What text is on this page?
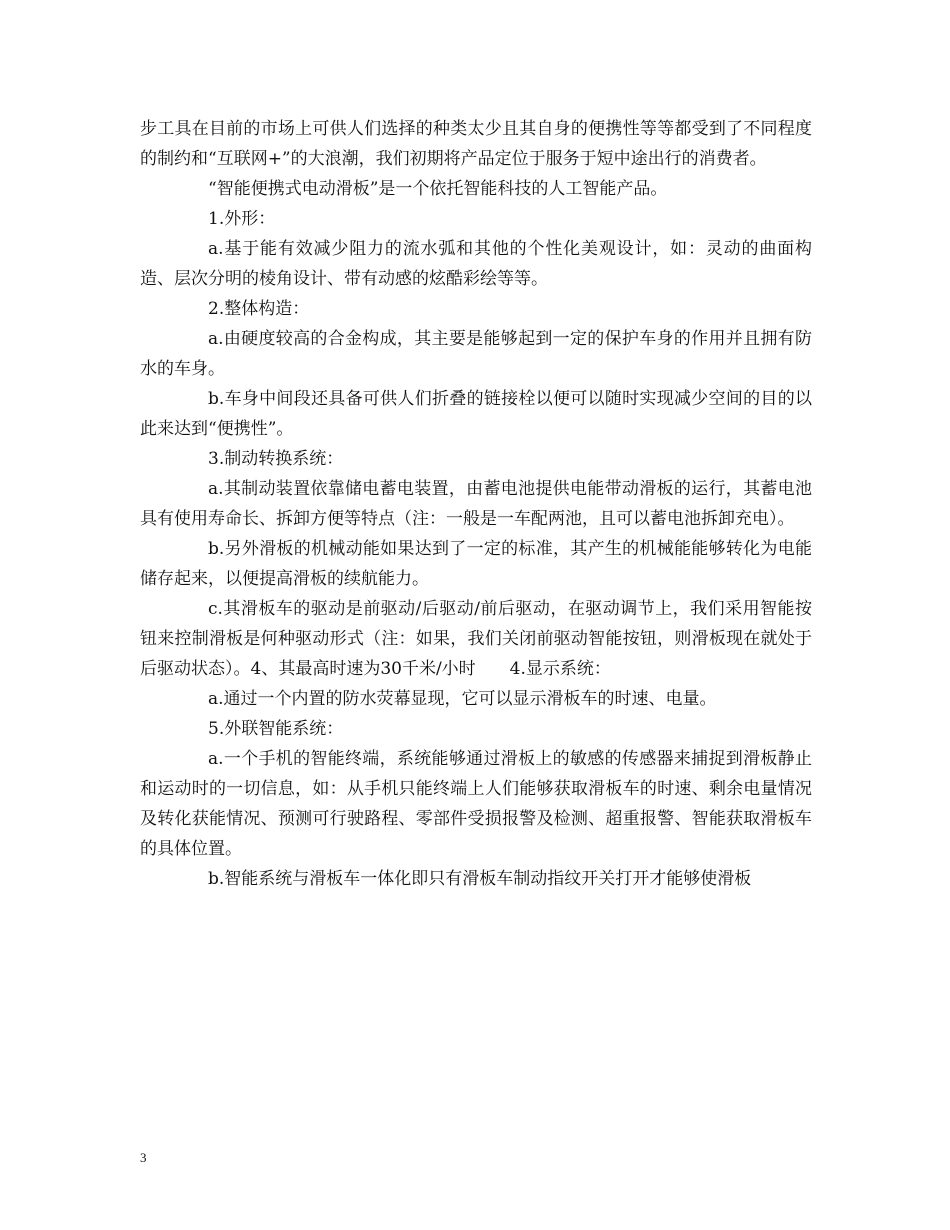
步工具在目前的市场上可供人们选择的种类太少且其自身的便携性等等都受到了不同程度的制约和“互联网+”的大浪潮，我们初期将产品定位于服务于短中途出行的消费者。

“智能便携式电动滑板”是一个依托智能科技的人工智能产品。

1.外形：

a.基于能有效减少阻力的流水弧和其他的个性化美观设计，如：灵动的曲面构造、层次分明的棱角设计、带有动感的炫酷彩绘等等。

2.整体构造：

a.由硬度较高的合金构成，其主要是能够起到一定的保护车身的作用并且拥有防水的车身。

b.车身中间段还具备可供人们折叠的链接栓以便可以随时实现减少空间的目的以此来达到“便携性”。

3.制动转换系统：

a.其制动装置依靠储电蓄电装置，由蓄电池提供电能带动滑板的运行，其蓄电池具有使用寿命长、拆卸方便等特点（注：一般是一车配两池，且可以蓄电池拆卸充电）。

b.另外滑板的机械动能如果达到了一定的标准，其产生的机械能能够转化为电能储存起来，以便提高滑板的续航能力。

c.其滑板车的驱动是前驱动/后驱动/前后驱动，在驱动调节上，我们采用智能按钮来控制滑板是何种驱动形式（注：如果，我们关闭前驱动智能按钮，则滑板现在就处于后驱动状态）。4、其最高时速为30千米/小时　　4.显示系统：

a.通过一个内置的防水荧幕显现，它可以显示滑板车的时速、电量。

5.外联智能系统：

a.一个手机的智能终端，系统能够通过滑板上的敏感的传感器来捕捉到滑板静止和运动时的一切信息，如：从手机只能终端上人们能够获取滑板车的时速、剩余电量情况及转化获能情况、预测可行驶路程、零部件受损报警及检测、超重报警、智能获取滑板车的具体位置。

b.智能系统与滑板车一体化即只有滑板车制动指纹开关打开才能够使滑板

3
